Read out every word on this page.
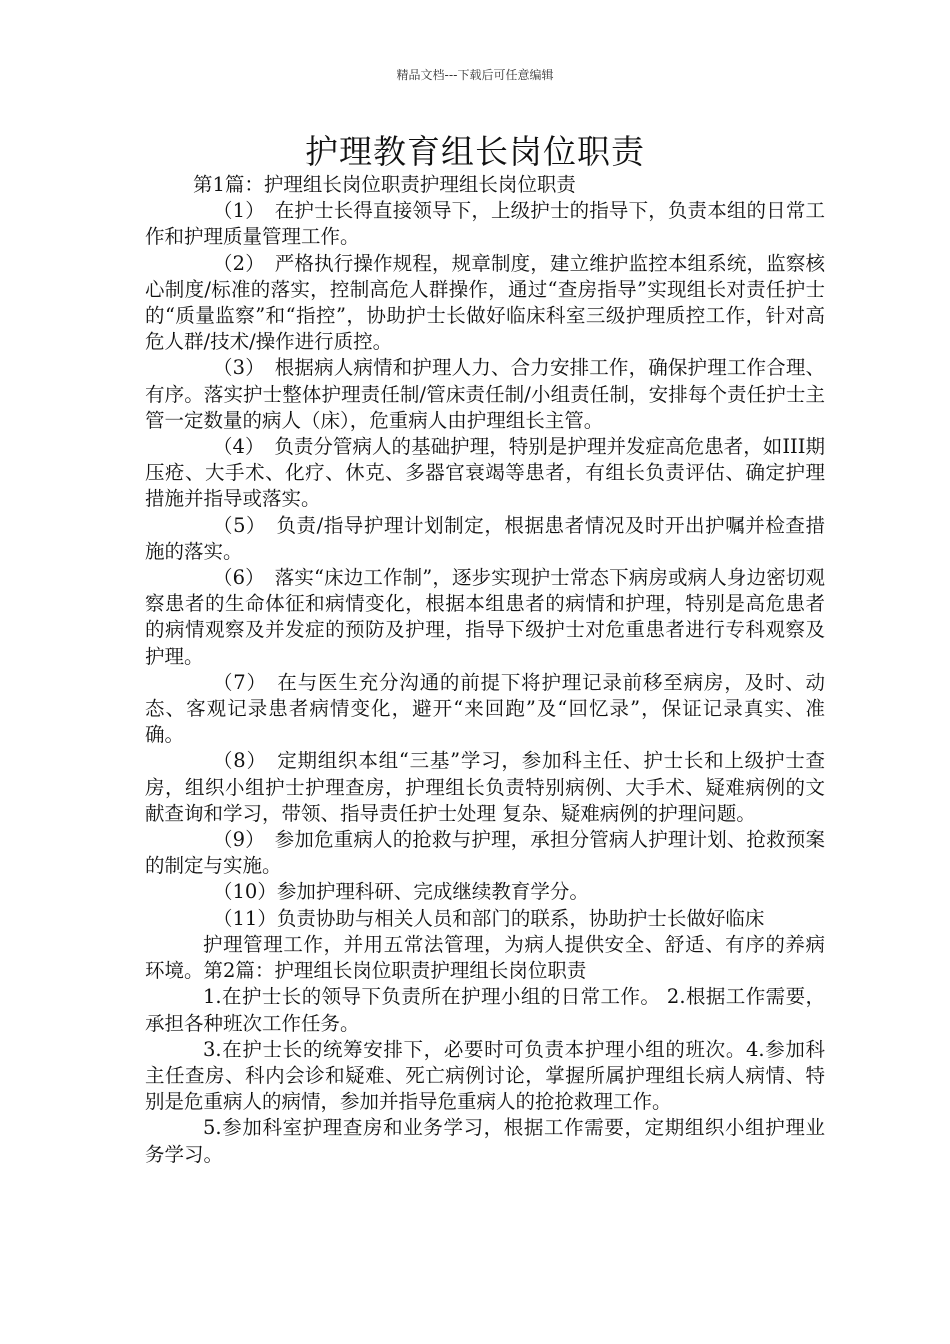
精品文档---下载后可任意编辑
护理教育组长岗位职责

第1篇：护理组长岗位职责护理组长岗位职责

（1）　在护士长得直接领导下，上级护士的指导下，负责本组的日常工作和护理质量管理工作。

（2）　严格执行操作规程，规章制度，建立维护监控本组系统，监察核心制度/标准的落实，控制高危人群操作，通过“查房指导”实现组长对责任护士的“质量监察”和“指控”，协助护士长做好临床科室三级护理质控工作，针对高危人群/技术/操作进行质控。

（3）　根据病人病情和护理人力、合力安排工作，确保护理工作合理、有序。落实护士整体护理责任制/管床责任制/小组责任制，安排每个责任护士主管一定数量的病人（床），危重病人由护理组长主管。

（4）　负责分管病人的基础护理，特别是护理并发症高危患者，如III期压疮、大手术、化疗、休克、多器官衰竭等患者，有组长负责评估、确定护理措施并指导或落实。

（5）　负责/指导护理计划制定，根据患者情况及时开出护嘱并检查措施的落实。

（6）　落实“床边工作制”，逐步实现护士常态下病房或病人身边密切观察患者的生命体征和病情变化，根据本组患者的病情和护理，特别是高危患者的病情观察及并发症的预防及护理，指导下级护士对危重患者进行专科观察及护理。

（7）　在与医生充分沟通的前提下将护理记录前移至病房，及时、动态、客观记录患者病情变化，避开“来回跑”及“回忆录”，保证记录真实、准确。

（8）　定期组织本组“三基”学习，参加科主任、护士长和上级护士查房，组织小组护士护理查房，护理组长负责特别病例、大手术、疑难病例的文献查询和学习，带领、指导责任护士处理 复杂、疑难病例的护理问题。

（9）　参加危重病人的抢救与护理，承担分管病人护理计划、抢救预案的制定与实施。

（10）参加护理科研、完成继续教育学分。

（11）负责协助与相关人员和部门的联系，协助护士长做好临床

护理管理工作，并用五常法管理，为病人提供安全、舒适、有序的养病环境。第2篇：护理组长岗位职责护理组长岗位职责

1.在护士长的领导下负责所在护理小组的日常工作。 2.根据工作需要，承担各种班次工作任务。

3.在护士长的统筹安排下，必要时可负责本护理小组的班次。4.参加科主任查房、科内会诊和疑难、死亡病例讨论，掌握所属护理组长病人病情、特别是危重病人的病情，参加并指导危重病人的抢抢救理工作。

5.参加科室护理查房和业务学习，根据工作需要，定期组织小组护理业务学习。
